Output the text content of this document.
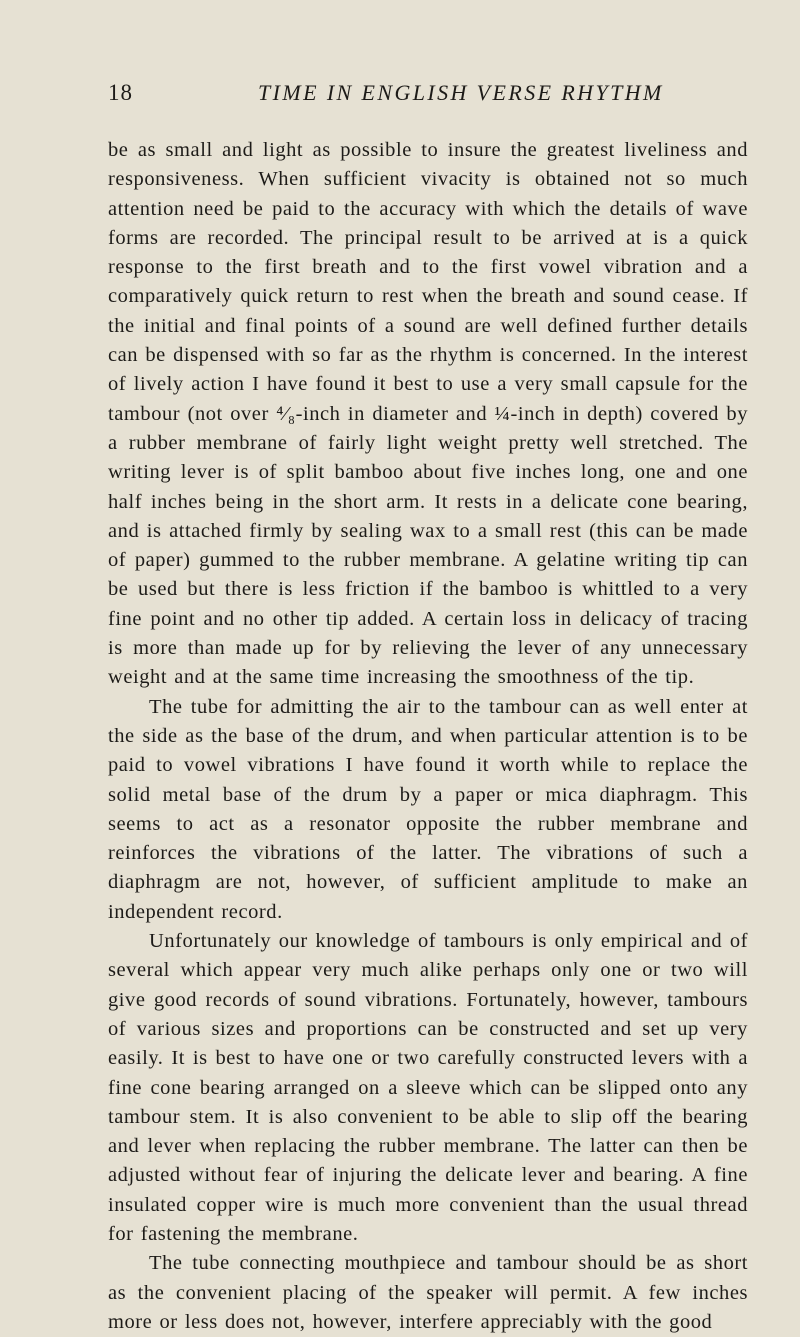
18	TIME IN ENGLISH VERSE RHYTHM

be as small and light as possible to insure the greatest liveliness and responsiveness. When sufficient vivacity is obtained not so much attention need be paid to the accuracy with which the details of wave forms are recorded. The principal result to be arrived at is a quick response to the first breath and to the first vowel vibration and a comparatively quick return to rest when the breath and sound cease. If the initial and final points of a sound are well defined further details can be dispensed with so far as the rhythm is concerned. In the interest of lively action I have found it best to use a very small capsule for the tambour (not over ⁴⁄₈-inch in diameter and ¼-inch in depth) covered by a rubber membrane of fairly light weight pretty well stretched. The writing lever is of split bamboo about five inches long, one and one half inches being in the short arm. It rests in a delicate cone bearing, and is attached firmly by sealing wax to a small rest (this can be made of paper) gummed to the rubber membrane. A gelatine writing tip can be used but there is less friction if the bamboo is whittled to a very fine point and no other tip added. A certain loss in delicacy of tracing is more than made up for by relieving the lever of any unnecessary weight and at the same time increasing the smoothness of the tip.

The tube for admitting the air to the tambour can as well enter at the side as the base of the drum, and when particular attention is to be paid to vowel vibrations I have found it worth while to replace the solid metal base of the drum by a paper or mica diaphragm. This seems to act as a resonator opposite the rubber membrane and reinforces the vibrations of the latter. The vibrations of such a diaphragm are not, however, of sufficient amplitude to make an independent record.

Unfortunately our knowledge of tambours is only empirical and of several which appear very much alike perhaps only one or two will give good records of sound vibrations. Fortunately, however, tambours of various sizes and proportions can be constructed and set up very easily. It is best to have one or two carefully constructed levers with a fine cone bearing arranged on a sleeve which can be slipped onto any tambour stem. It is also convenient to be able to slip off the bearing and lever when replacing the rubber membrane. The latter can then be adjusted without fear of injuring the delicate lever and bearing. A fine insulated copper wire is much more convenient than the usual thread for fastening the membrane.

The tube connecting mouthpiece and tambour should be as short as the convenient placing of the speaker will permit. A few inches more or less does not, however, interfere appreciably with the good
